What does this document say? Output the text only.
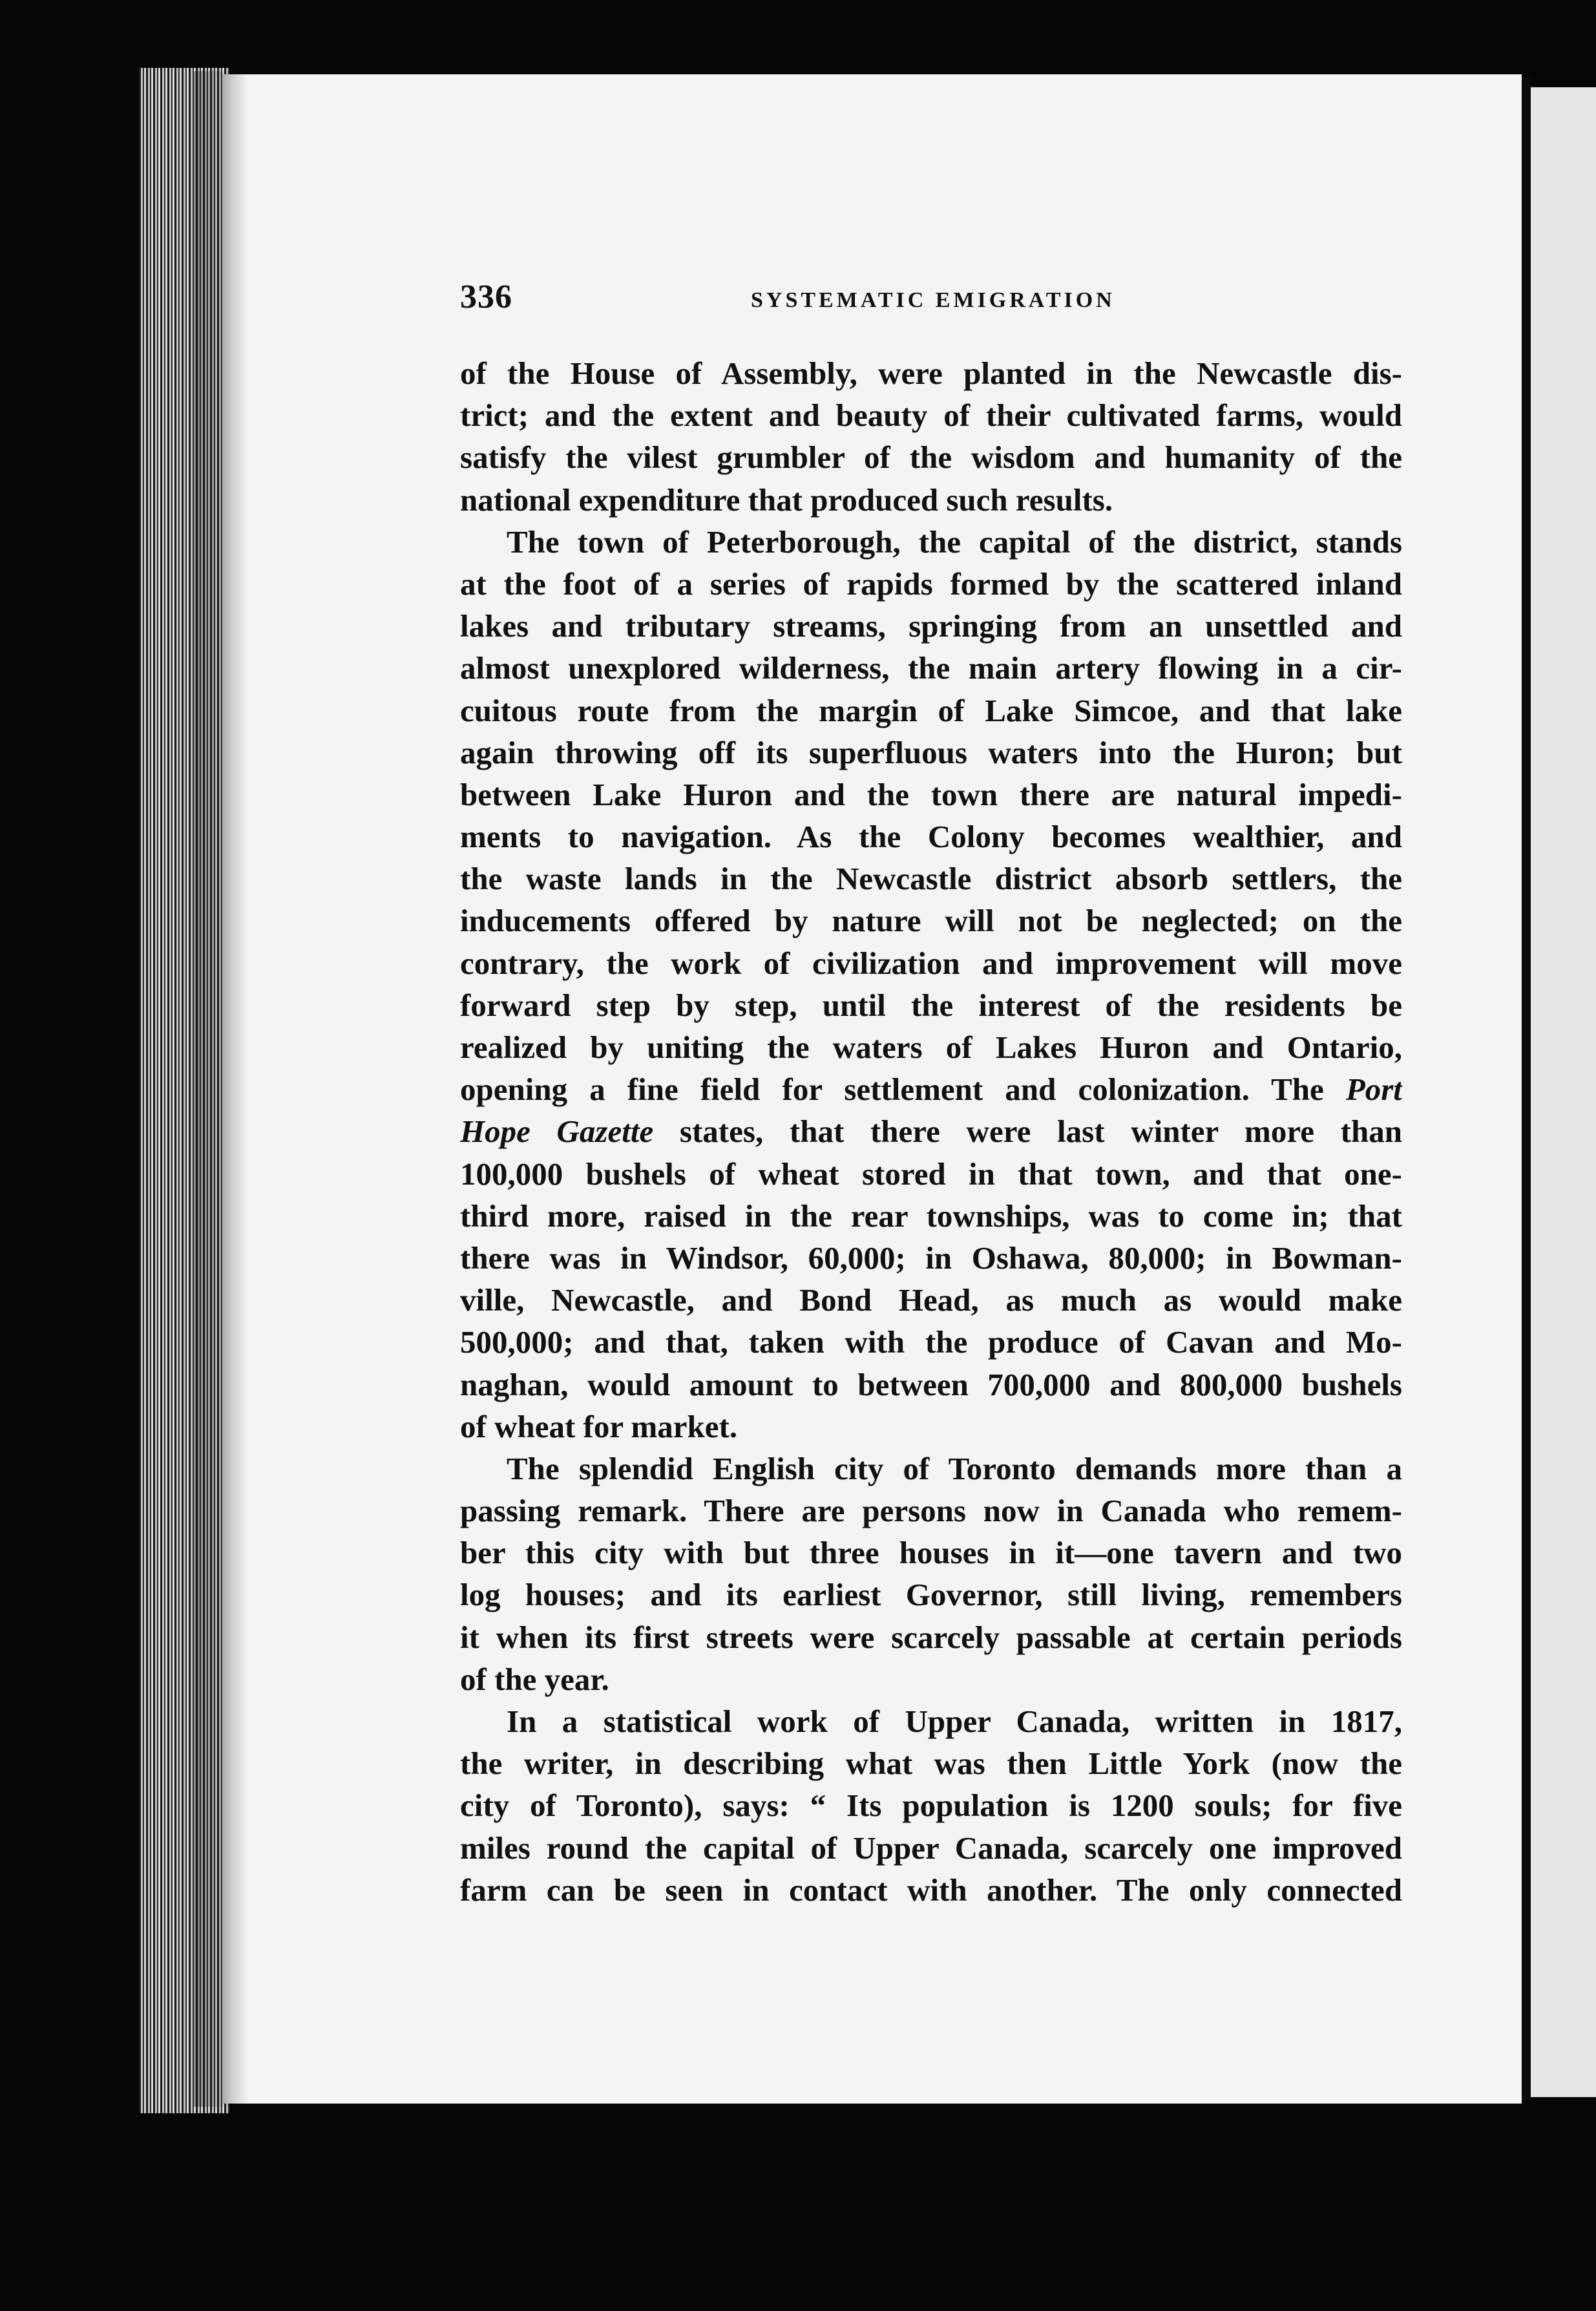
336	SYSTEMATIC EMIGRATION
of the House of Assembly, were planted in the Newcastle dis-
trict; and the extent and beauty of their cultivated farms, would
satisfy the vilest grumbler of the wisdom and humanity of the
national expenditure that produced such results.
The town of Peterborough, the capital of the district, stands
at the foot of a series of rapids formed by the scattered inland
lakes and tributary streams, springing from an unsettled and
almost unexplored wilderness, the main artery flowing in a cir-
cuitous route from the margin of Lake Simcoe, and that lake
again throwing off its superfluous waters into the Huron; but
between Lake Huron and the town there are natural impedi-
ments to navigation. As the Colony becomes wealthier, and
the waste lands in the Newcastle district absorb settlers, the
inducements offered by nature will not be neglected; on the
contrary, the work of civilization and improvement will move
forward step by step, until the interest of the residents be
realized by uniting the waters of Lakes Huron and Ontario,
opening a fine field for settlement and colonization. The Port
Hope Gazette states, that there were last winter more than
100,000 bushels of wheat stored in that town, and that one-
third more, raised in the rear townships, was to come in; that
there was in Windsor, 60,000; in Oshawa, 80,000; in Bowman-
ville, Newcastle, and Bond Head, as much as would make
500,000; and that, taken with the produce of Cavan and Mo-
naghan, would amount to between 700,000 and 800,000 bushels
of wheat for market.
The splendid English city of Toronto demands more than a
passing remark. There are persons now in Canada who remem-
ber this city with but three houses in it—one tavern and two
log houses; and its earliest Governor, still living, remembers
it when its first streets were scarcely passable at certain periods
of the year.
In a statistical work of Upper Canada, written in 1817,
the writer, in describing what was then Little York (now the
city of Toronto), says: “ Its population is 1200 souls; for five
miles round the capital of Upper Canada, scarcely one improved
farm can be seen in contact with another. The only connected
